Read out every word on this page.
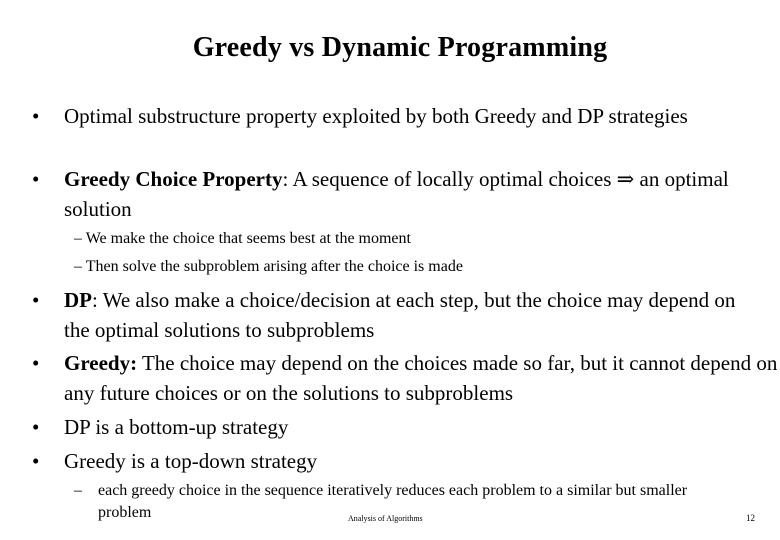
Greedy vs Dynamic Programming
•	Optimal substructure property exploited by both Greedy and DP strategies
•	Greedy Choice Property: A sequence of locally optimal choices ⇒ an optimal solution
– We make the choice that seems best at the moment
– Then solve the subproblem arising after the choice is made
•	DP: We also make a choice/decision at each step, but the choice may depend on the optimal solutions to subproblems
•	Greedy: The choice may depend on the choices made so far, but it cannot depend on any future choices or on the solutions to subproblems
•	DP is a bottom-up strategy
•	Greedy is a top-down strategy
– each greedy choice in the sequence iteratively reduces each problem to a similar but smaller problem	Analysis of Algorithms	12
